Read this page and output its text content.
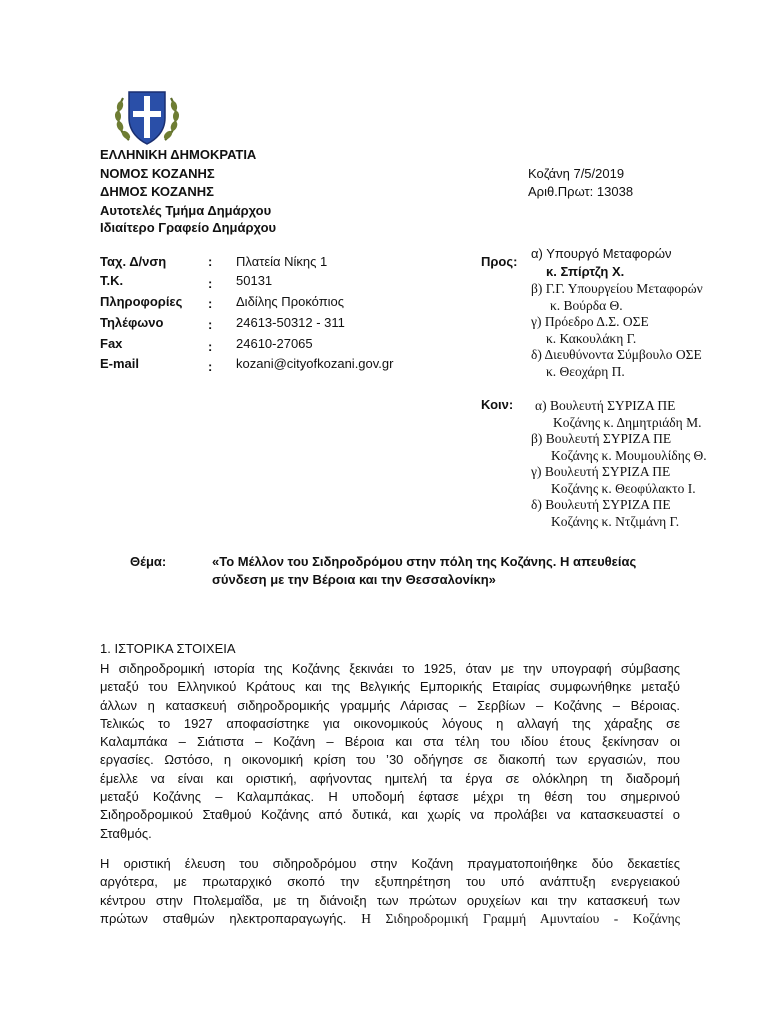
ΕΛΛΗΝΙΚΗ ΔΗΜΟΚΡΑΤΙΑ
ΝΟΜΟΣ ΚΟΖΑΝΗΣ
ΔΗΜΟΣ ΚΟΖΑΝΗΣ
Αυτοτελές Τμήμα Δημάρχου
Ιδιαίτερο Γραφείο Δημάρχου
Κοζάνη 7/5/2019
Αριθ.Πρωτ: 13038
Ταχ. Δ/νση	: Πλατεία Νίκης 1
Τ.Κ.	: 50131
Πληροφορίες : Διδίλης Προκόπιος
Τηλέφωνο	: 24613-50312 - 311
Fax	: 24610-27065
E-mail	: kozani@cityofkozani.gov.gr
Προς:
α) Υπουργό Μεταφορών
κ. Σπίρτζη Χ.
β) Γ.Γ. Υπουργείου Μεταφορών
κ. Βούρδα Θ.
γ) Πρόεδρο Δ.Σ. ΟΣΕ
κ. Κακουλάκη Γ.
δ) Διευθύνοντα Σύμβουλο ΟΣΕ
κ. Θεοχάρη Π.
Κοιν: α) Βουλευτή ΣΥΡΙΖΑ ΠΕ
Κοζάνης κ. Δημητριάδη Μ.
β) Βουλευτή ΣΥΡΙΖΑ ΠΕ
Κοζάνης κ. Μουμουλίδης Θ.
γ) Βουλευτή ΣΥΡΙΖΑ ΠΕ
Κοζάνης κ. Θεοφύλακτο Ι.
δ) Βουλευτή ΣΥΡΙΖΑ ΠΕ
Κοζάνης κ. Ντζιμάνη Γ.
Θέμα:	«Το Μέλλον του Σιδηροδρόμου στην πόλη της Κοζάνης. Η απευθείας
σύνδεση με την Βέροια και την Θεσσαλονίκη»
1. ΙΣΤΟΡΙΚΑ ΣΤΟΙΧΕΙΑ
Η σιδηροδρομική ιστορία της Κοζάνης ξεκινάει το 1925, όταν με την υπογραφή σύμβασης
μεταξύ του Ελληνικού Κράτους και της Βελγικής Εμπορικής Εταιρίας συμφωνήθηκε μεταξύ
άλλων η κατασκευή σιδηροδρομικής γραμμής Λάρισας – Σερβίων – Κοζάνης – Βέροιας.
Τελικώς το 1927 αποφασίστηκε για οικονομικούς λόγους η αλλαγή της χάραξης σε
Καλαμπάκα – Σιάτιστα – Κοζάνη – Βέροια και στα τέλη του ιδίου έτους ξεκίνησαν οι
εργασίες. Ωστόσο, η οικονομική κρίση του ’30 οδήγησε σε διακοπή των εργασιών, που
έμελλε να είναι και οριστική, αφήνοντας ημιτελή τα έργα σε ολόκληρη τη διαδρομή
μεταξύ Κοζάνης – Καλαμπάκας. Η υποδομή έφτασε μέχρι τη θέση του σημερινού
Σιδηροδρομικού Σταθμού Κοζάνης από δυτικά, και χωρίς να προλάβει να κατασκευαστεί ο
Σταθμός.
Η οριστική έλευση του σιδηροδρόμου στην Κοζάνη πραγματοποιήθηκε δύο δεκαετίες
αργότερα, με πρωταρχικό σκοπό την εξυπηρέτηση του υπό ανάπτυξη ενεργειακού
κέντρου στην Πτολεμαΐδα, με τη διάνοιξη των πρώτων ορυχείων και την κατασκευή των
πρώτων σταθμών ηλεκτροπαραγωγής. Η Σιδηροδρομική Γραμμή Αμυνταίου - Κοζάνης
